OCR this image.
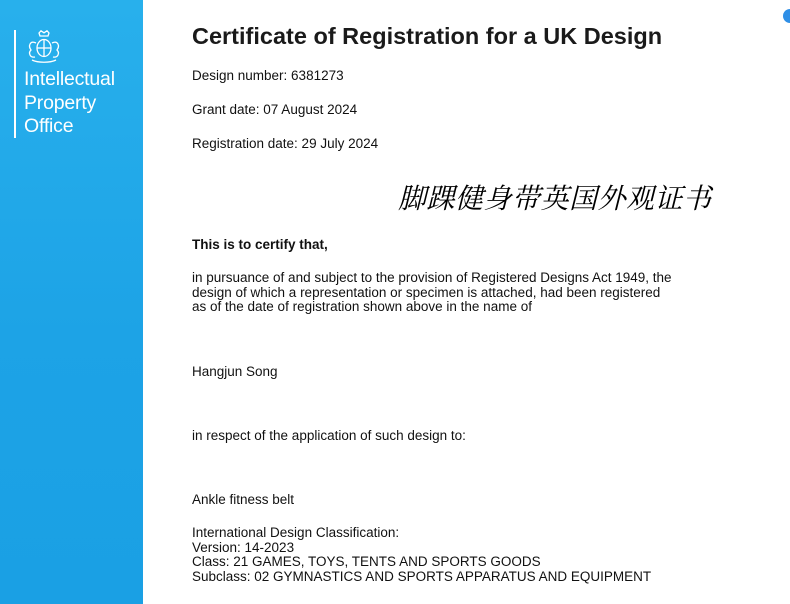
Intellectual
Property
Office
Certificate of Registration for a UK Design
Design number: 6381273
Grant date: 07 August 2024
Registration date: 29 July 2024
脚踝健身带英国外观证书
This is to certify that,
in pursuance of and subject to the provision of Registered Designs Act 1949, the
design of which a representation or specimen is attached, had been registered
as of the date of registration shown above in the name of
Hangjun Song
in respect of the application of such design to:
Ankle fitness belt
International Design Classification:
Version: 14-2023
Class: 21 GAMES, TOYS, TENTS AND SPORTS GOODS
Subclass: 02 GYMNASTICS AND SPORTS APPARATUS AND EQUIPMENT
